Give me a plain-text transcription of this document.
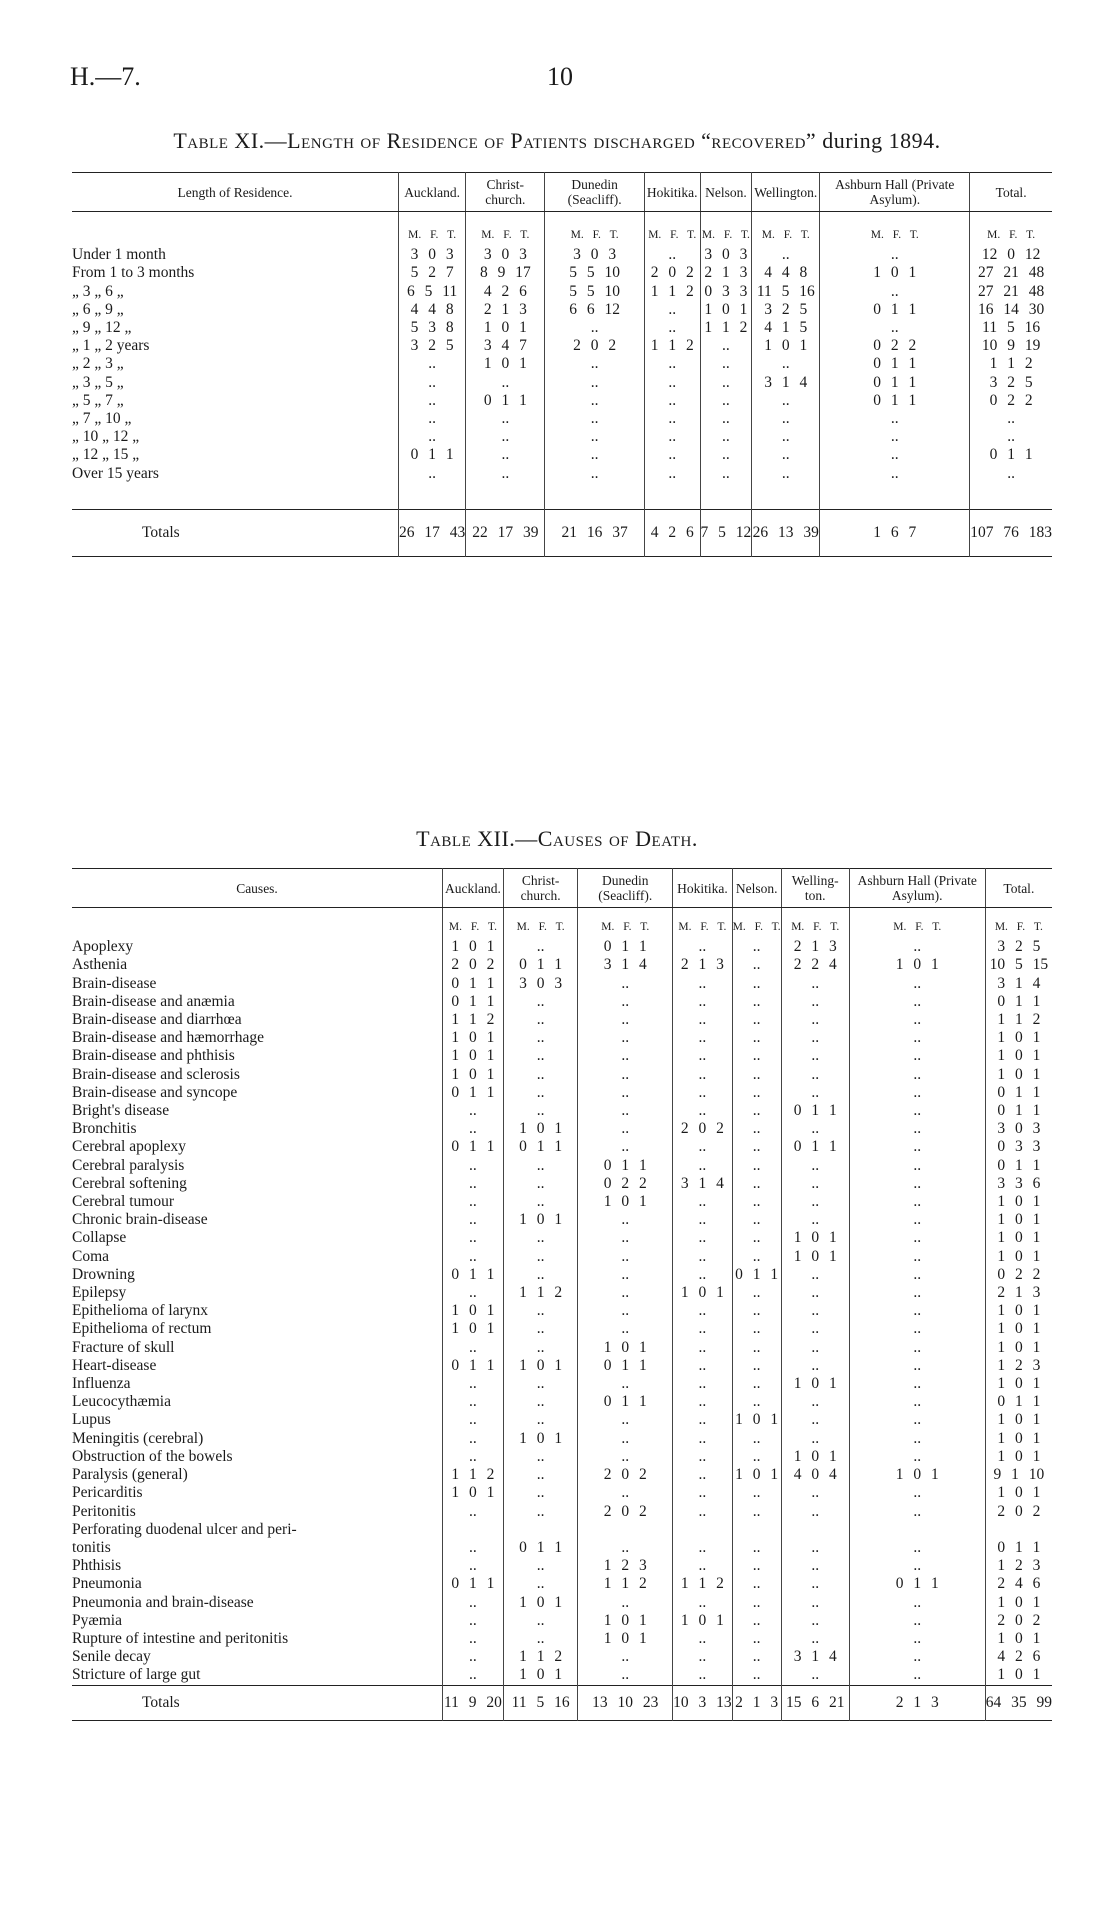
H.—7.	10
Table XI.—Length of Residence of Patients discharged “recovered” during 1894.
Length of Residence.	Auckland.	Christ-church.	Dunedin (Seacliff).	Hokitika.	Nelson.	Wellington.	Ashburn Hall (Private Asylum).	Total.
	M. F. T.	M. F. T.	M. F. T.	M. F. T.	M. F. T.	M. F. T.	M. F. T.	M. F. T.
Under 1 month	3 0 3	3 0 3	3 0 3	..	3 0 3	..	..	12 0 12
From 1 to 3 months	5 2 7	8 9 17	5 5 10	2 0 2	2 1 3	4 4 8	1 0 1	27 21 48
„ 3 „ 6 „	6 5 11	4 2 6	5 5 10	1 1 2	0 3 3	11 5 16	..	27 21 48
„ 6 „ 9 „	4 4 8	2 1 3	6 6 12	..	1 0 1	3 2 5	0 1 1	16 14 30
„ 9 „ 12 „	5 3 8	1 0 1	..	..	1 1 2	4 1 5	..	11 5 16
„ 1 „ 2 years	3 2 5	3 4 7	2 0 2	1 1 2	..	1 0 1	0 2 2	10 9 19
„ 2 „ 3 „	..	1 0 1	..	..	..	..	0 1 1	1 1 2
„ 3 „ 5 „	..	..	..	..	..	3 1 4	0 1 1	3 2 5
„ 5 „ 7 „	..	0 1 1	..	..	..	..	0 1 1	0 2 2
„ 7 „ 10 „	..	..	..	..	..	..	..	..
„ 10 „ 12 „	..	..	..	..	..	..	..	..
„ 12 „ 15 „	0 1 1	..	..	..	..	..	..	0 1 1
Over 15 years	..	..	..	..	..	..	..	..

Totals	26 17 43	22 17 39	21 16 37	4 2 6	7 5 12	26 13 39	1 6 7	107 76 183
Table XII.—Causes of Death.
Causes.	Auckland.	Christ-church.	Dunedin (Seacliff).	Hokitika.	Nelson.	Welling-ton.	Ashburn Hall (Private Asylum).	Total.
	M. F. T.	M. F. T.	M. F. T.	M. F. T.	M. F. T.	M. F. T.	M. F. T.	M. F. T.
Apoplexy	1 0 1	..	0 1 1	..	..	2 1 3	..	3 2 5
Asthenia	2 0 2	0 1 1	3 1 4	2 1 3	..	2 2 4	1 0 1	10 5 15
Brain-disease	0 1 1	3 0 3	..	..	..	..	..	3 1 4
Brain-disease and anæmia	0 1 1	..	..	..	..	..	..	0 1 1
Brain-disease and diarrhœa	1 1 2	..	..	..	..	..	..	1 1 2
Brain-disease and hæmorrhage	1 0 1	..	..	..	..	..	..	1 0 1
Brain-disease and phthisis	1 0 1	..	..	..	..	..	..	1 0 1
Brain-disease and sclerosis	1 0 1	..	..	..	..	..	..	1 0 1
Brain-disease and syncope	0 1 1	..	..	..	..	..	..	0 1 1
Bright's disease	..	..	..	..	..	0 1 1	..	0 1 1
Bronchitis	..	1 0 1	..	2 0 2	..	..	..	3 0 3
Cerebral apoplexy	0 1 1	0 1 1	..	..	..	0 1 1	..	0 3 3
Cerebral paralysis	..	..	0 1 1	..	..	..	..	0 1 1
Cerebral softening	..	..	0 2 2	3 1 4	..	..	..	3 3 6
Cerebral tumour	..	..	1 0 1	..	..	..	..	1 0 1
Chronic brain-disease	..	1 0 1	..	..	..	..	..	1 0 1
Collapse	..	..	..	..	..	1 0 1	..	1 0 1
Coma	..	..	..	..	..	1 0 1	..	1 0 1
Drowning	0 1 1	..	..	..	0 1 1	..	..	0 2 2
Epilepsy	..	1 1 2	..	1 0 1	..	..	..	2 1 3
Epithelioma of larynx	1 0 1	..	..	..	..	..	..	1 0 1
Epithelioma of rectum	1 0 1	..	..	..	..	..	..	1 0 1
Fracture of skull	..	..	1 0 1	..	..	..	..	1 0 1
Heart-disease	0 1 1	1 0 1	0 1 1	..	..	..	..	1 2 3
Influenza	..	..	..	..	..	1 0 1	..	1 0 1
Leucocythæmia	..	..	0 1 1	..	..	..	..	0 1 1
Lupus	..	..	..	..	1 0 1	..	..	1 0 1
Meningitis (cerebral)	..	1 0 1	..	..	..	..	..	1 0 1
Obstruction of the bowels	..	..	..	..	..	1 0 1	..	1 0 1
Paralysis (general)	1 1 2	..	2 0 2	..	1 0 1	4 0 4	1 0 1	9 1 10
Pericarditis	1 0 1	..	..	..	..	..	..	1 0 1
Peritonitis	..	..	2 0 2	..	..	..	..	2 0 2
Perforating duodenal ulcer and peri-								
tonitis	..	0 1 1	..	..	..	..	..	0 1 1
Phthisis	..	..	1 2 3	..	..	..	..	1 2 3
Pneumonia	0 1 1	..	1 1 2	1 1 2	..	..	0 1 1	2 4 6
Pneumonia and brain-disease	..	1 0 1	..	..	..	..	..	1 0 1
Pyæmia	..	..	1 0 1	1 0 1	..	..	..	2 0 2
Rupture of intestine and peritonitis	..	..	1 0 1	..	..	..	..	1 0 1
Senile decay	..	1 1 2	..	..	..	3 1 4	..	4 2 6
Stricture of large gut	..	1 0 1	..	..	..	..	..	1 0 1
Totals	11 9 20	11 5 16	13 10 23	10 3 13	2 1 3	15 6 21	2 1 3	64 35 99
